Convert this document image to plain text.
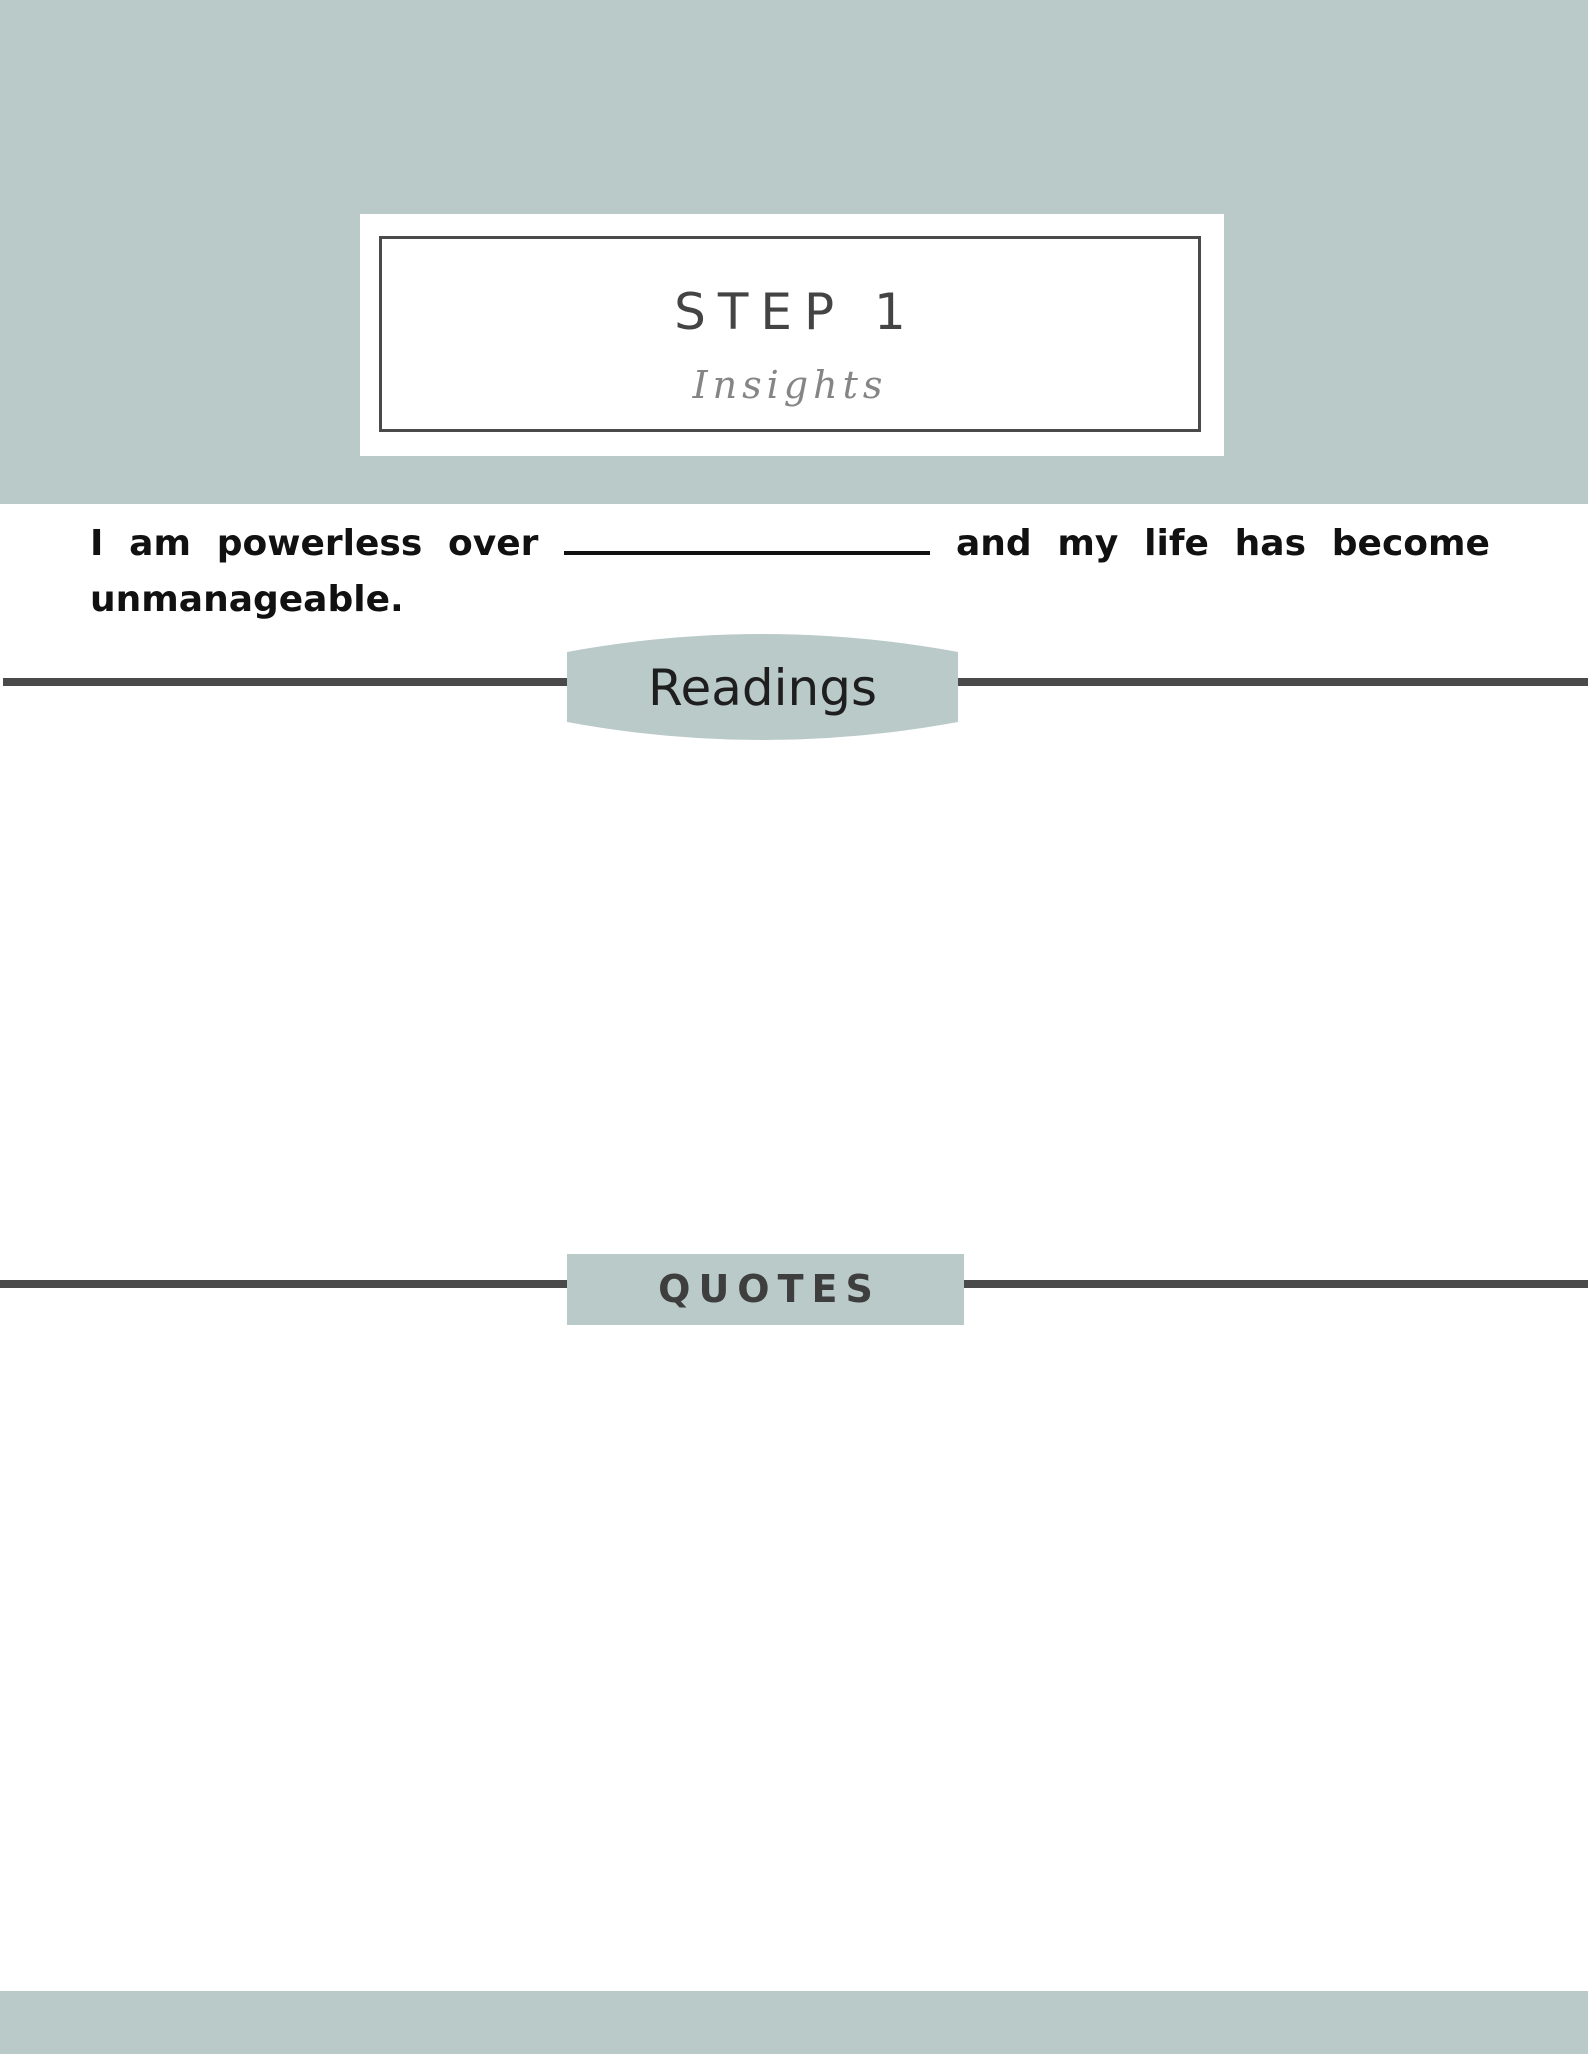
STEP 1
Insights

I am powerless over	and my life has become unmanageable.

Readings
QUOTES
